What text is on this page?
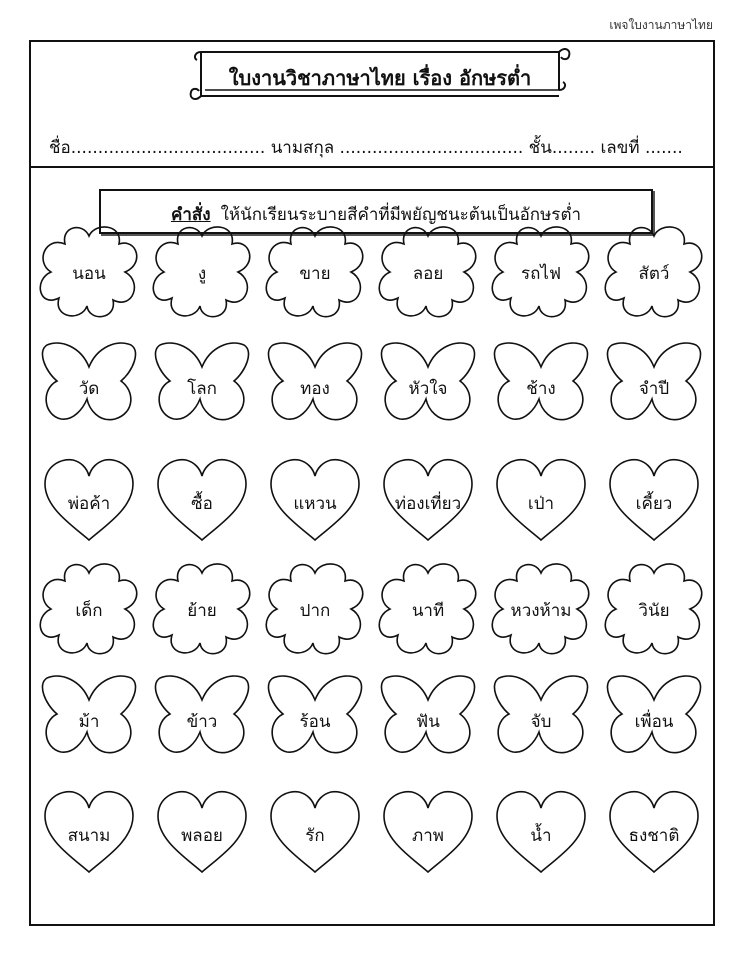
เพจใบงานภาษาไทย
ใบงานวิชาภาษาไทย เรื่อง อักษรต่ำ
ชื่อ.................................... นามสกุล .................................. ชั้น........ เลขที่ .......
คำสั่ง ให้นักเรียนระบายสีคำที่มีพยัญชนะต้นเป็นอักษรต่ำ
นอน	งู	ขาย	ลอย	รถไฟ	สัตว์
วัด	โลก	ทอง	หัวใจ	ช้าง	จำปี
พ่อค้า	ซื้อ	แหวน	ท่องเที่ยว	เป่า	เคี้ยว
เด็ก	ย้าย	ปาก	นาที	หวงห้าม	วินัย
ม้า	ข้าว	ร้อน	ฟัน	จับ	เพื่อน
สนาม	พลอย	รัก	ภาพ	น้ำ	ธงชาติ
